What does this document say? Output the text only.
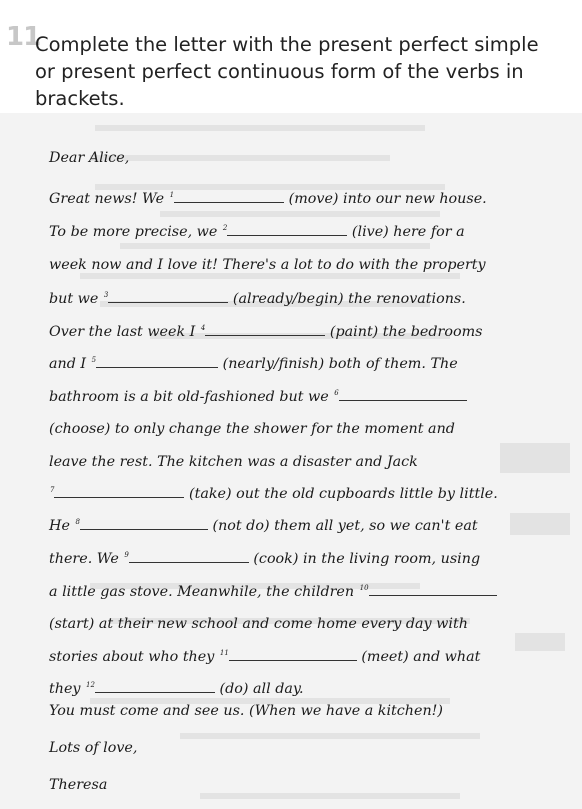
11
Complete the letter with the present perfect simple or present perfect continuous form of the verbs in brackets.
Dear Alice,
Great news! We $^1$	(move) into our new house.
To be more precise, we $^2$	(live) here for a
week now and I love it! There's a lot to do with the property
but we $^3$	(already/begin) the renovations.
Over the last week I $^4$	(paint) the bedrooms
and I $^5$	(nearly/finish) both of them. The
bathroom is a bit old-fashioned but we $^6$
(choose) to only change the shower for the moment and
leave the rest. The kitchen was a disaster and Jack
$^7$	(take) out the old cupboards little by little.
He $^8$	(not do) them all yet, so we can't eat
there. We $^9$	(cook) in the living room, using
a little gas stove. Meanwhile, the children $^{10}$
(start) at their new school and come home every day with
stories about who they $^{11}$	(meet) and what
they $^{12}$	(do) all day.
You must come and see us. (When we have a kitchen!)
Lots of love,
Theresa
